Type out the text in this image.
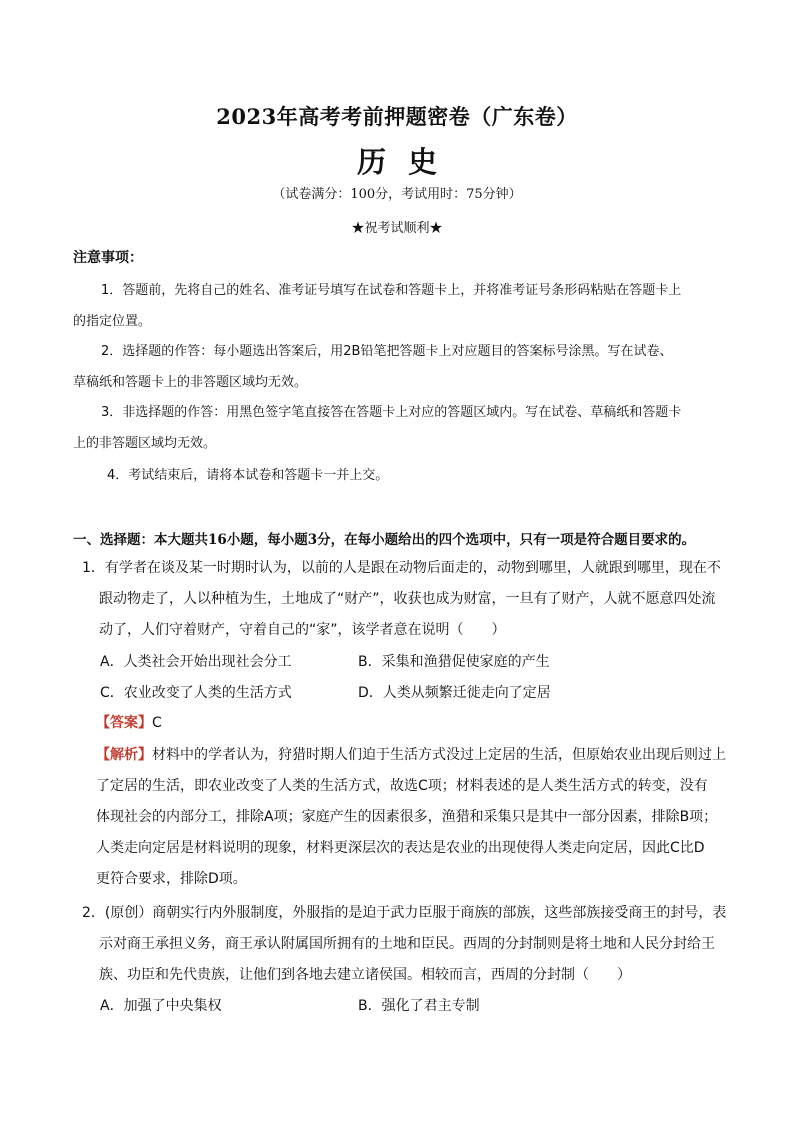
2023年高考考前押题密卷（广东卷）
历史
（试卷满分：100分，考试用时：75分钟）
★祝考试顺利★
注意事项：
1．答题前，先将自己的姓名、准考证号填写在试卷和答题卡上，并将准考证号条形码粘贴在答题卡上
的指定位置。
2．选择题的作答：每小题选出答案后，用2B铅笔把答题卡上对应题目的答案标号涂黑。写在试卷、
草稿纸和答题卡上的非答题区域均无效。
3．非选择题的作答：用黑色签字笔直接答在答题卡上对应的答题区域内。写在试卷、草稿纸和答题卡
上的非答题区域均无效。
4．考试结束后，请将本试卷和答题卡一并上交。
一、选择题：本大题共16小题，每小题3分，在每小题给出的四个选项中，只有一项是符合题目要求的。
1．有学者在谈及某一时期时认为，以前的人是跟在动物后面走的，动物到哪里，人就跟到哪里，现在不
跟动物走了，人以种植为生，土地成了“财产”，收获也成为财富，一旦有了财产，人就不愿意四处流
动了，人们守着财产，守着自己的“家”，该学者意在说明（　　）
A．人类社会开始出现社会分工	B．采集和渔猎促使家庭的产生
C．农业改变了人类的生活方式	D．人类从频繁迁徙走向了定居
【答案】C
【解析】材料中的学者认为，狩猎时期人们迫于生活方式没过上定居的生活，但原始农业出现后则过上
了定居的生活，即农业改变了人类的生活方式，故选C项；材料表述的是人类生活方式的转变，没有
体现社会的内部分工，排除A项；家庭产生的因素很多，渔猎和采集只是其中一部分因素，排除B项；
人类走向定居是材料说明的现象，材料更深层次的表达是农业的出现使得人类走向定居，因此C比D
更符合要求，排除D项。
2．(原创）商朝实行内外服制度，外服指的是迫于武力臣服于商族的部族，这些部族接受商王的封号，表
示对商王承担义务，商王承认附属国所拥有的土地和臣民。西周的分封制则是将土地和人民分封给王
族、功臣和先代贵族，让他们到各地去建立诸侯国。相较而言，西周的分封制（　　）
A．加强了中央集权	B．强化了君主专制
